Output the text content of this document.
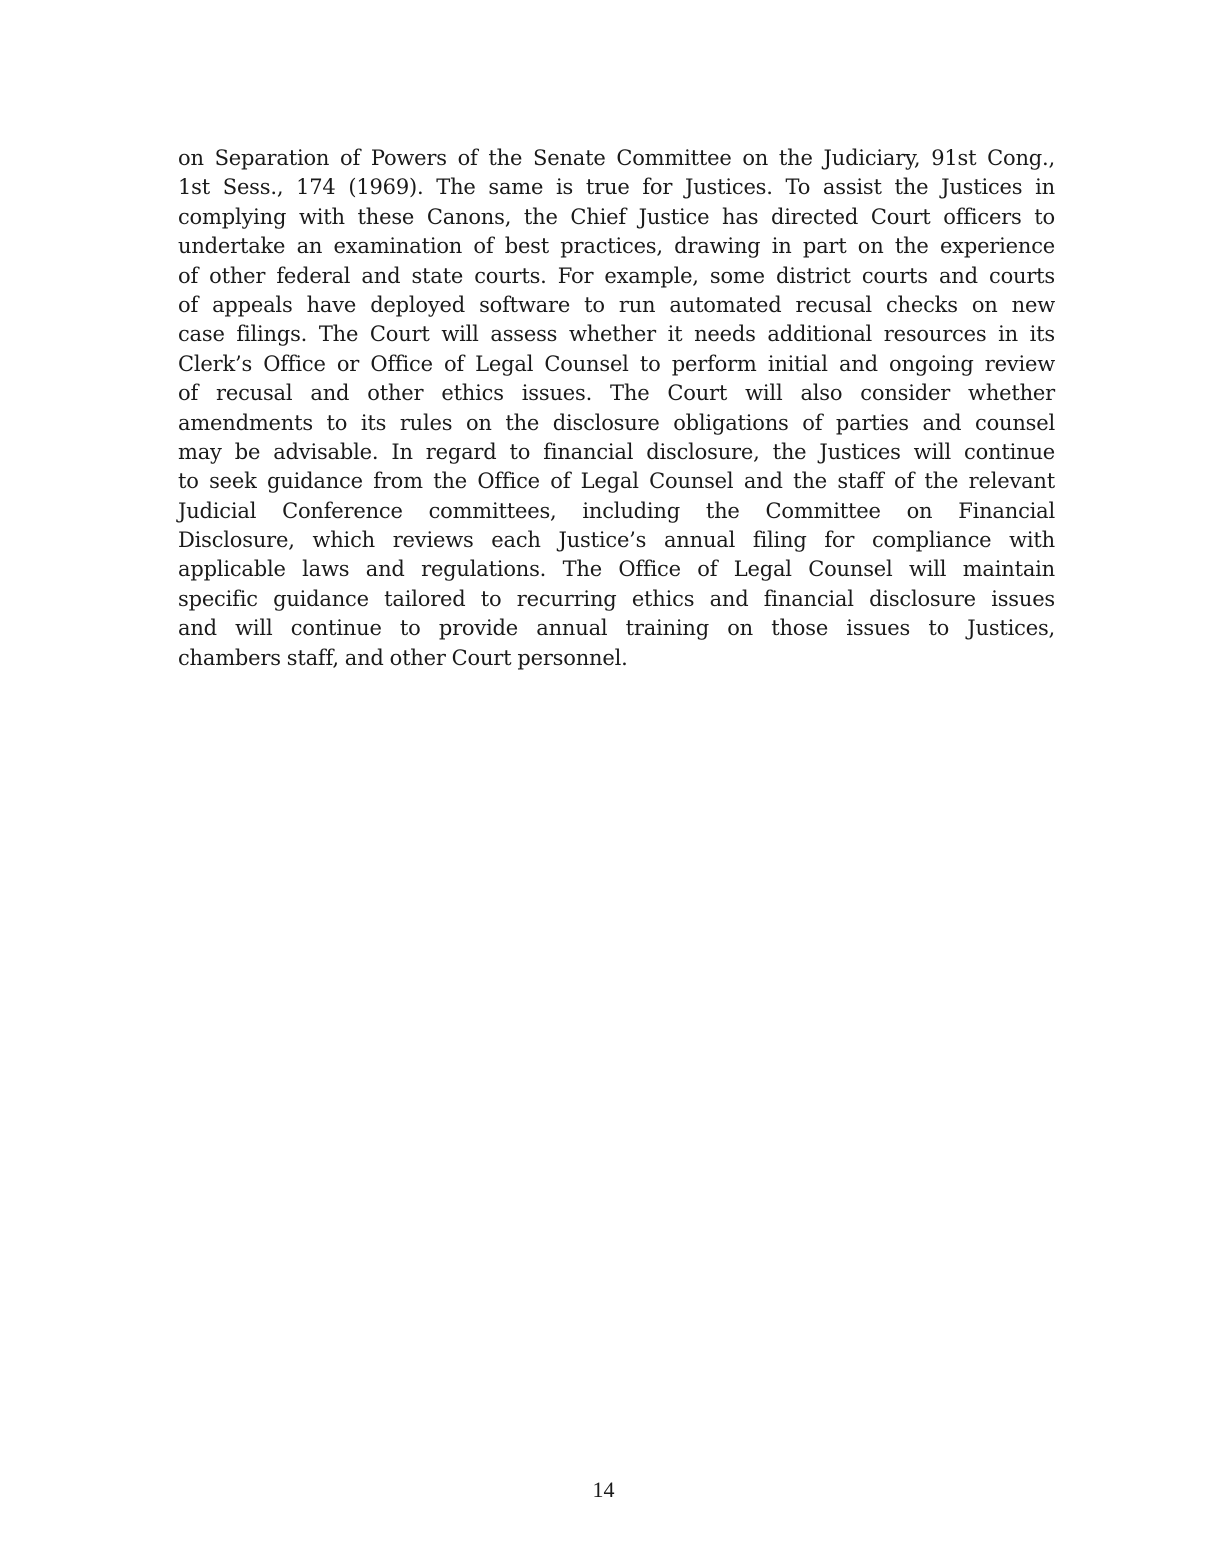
on Separation of Powers of the Senate Committee on the Judiciary, 91st Cong.,
1st Sess., 174 (1969). The same is true for Justices. To assist the Justices in
complying with these Canons, the Chief Justice has directed Court officers to
undertake an examination of best practices, drawing in part on the experience
of other federal and state courts. For example, some district courts and courts
of appeals have deployed software to run automated recusal checks on new
case filings. The Court will assess whether it needs additional resources in its
Clerk’s Office or Office of Legal Counsel to perform initial and ongoing review
of recusal and other ethics issues. The Court will also consider whether
amendments to its rules on the disclosure obligations of parties and counsel
may be advisable. In regard to financial disclosure, the Justices will continue
to seek guidance from the Office of Legal Counsel and the staff of the relevant
Judicial Conference committees, including the Committee on Financial
Disclosure, which reviews each Justice’s annual filing for compliance with
applicable laws and regulations. The Office of Legal Counsel will maintain
specific guidance tailored to recurring ethics and financial disclosure issues
and will continue to provide annual training on those issues to Justices,
chambers staff, and other Court personnel.

14
